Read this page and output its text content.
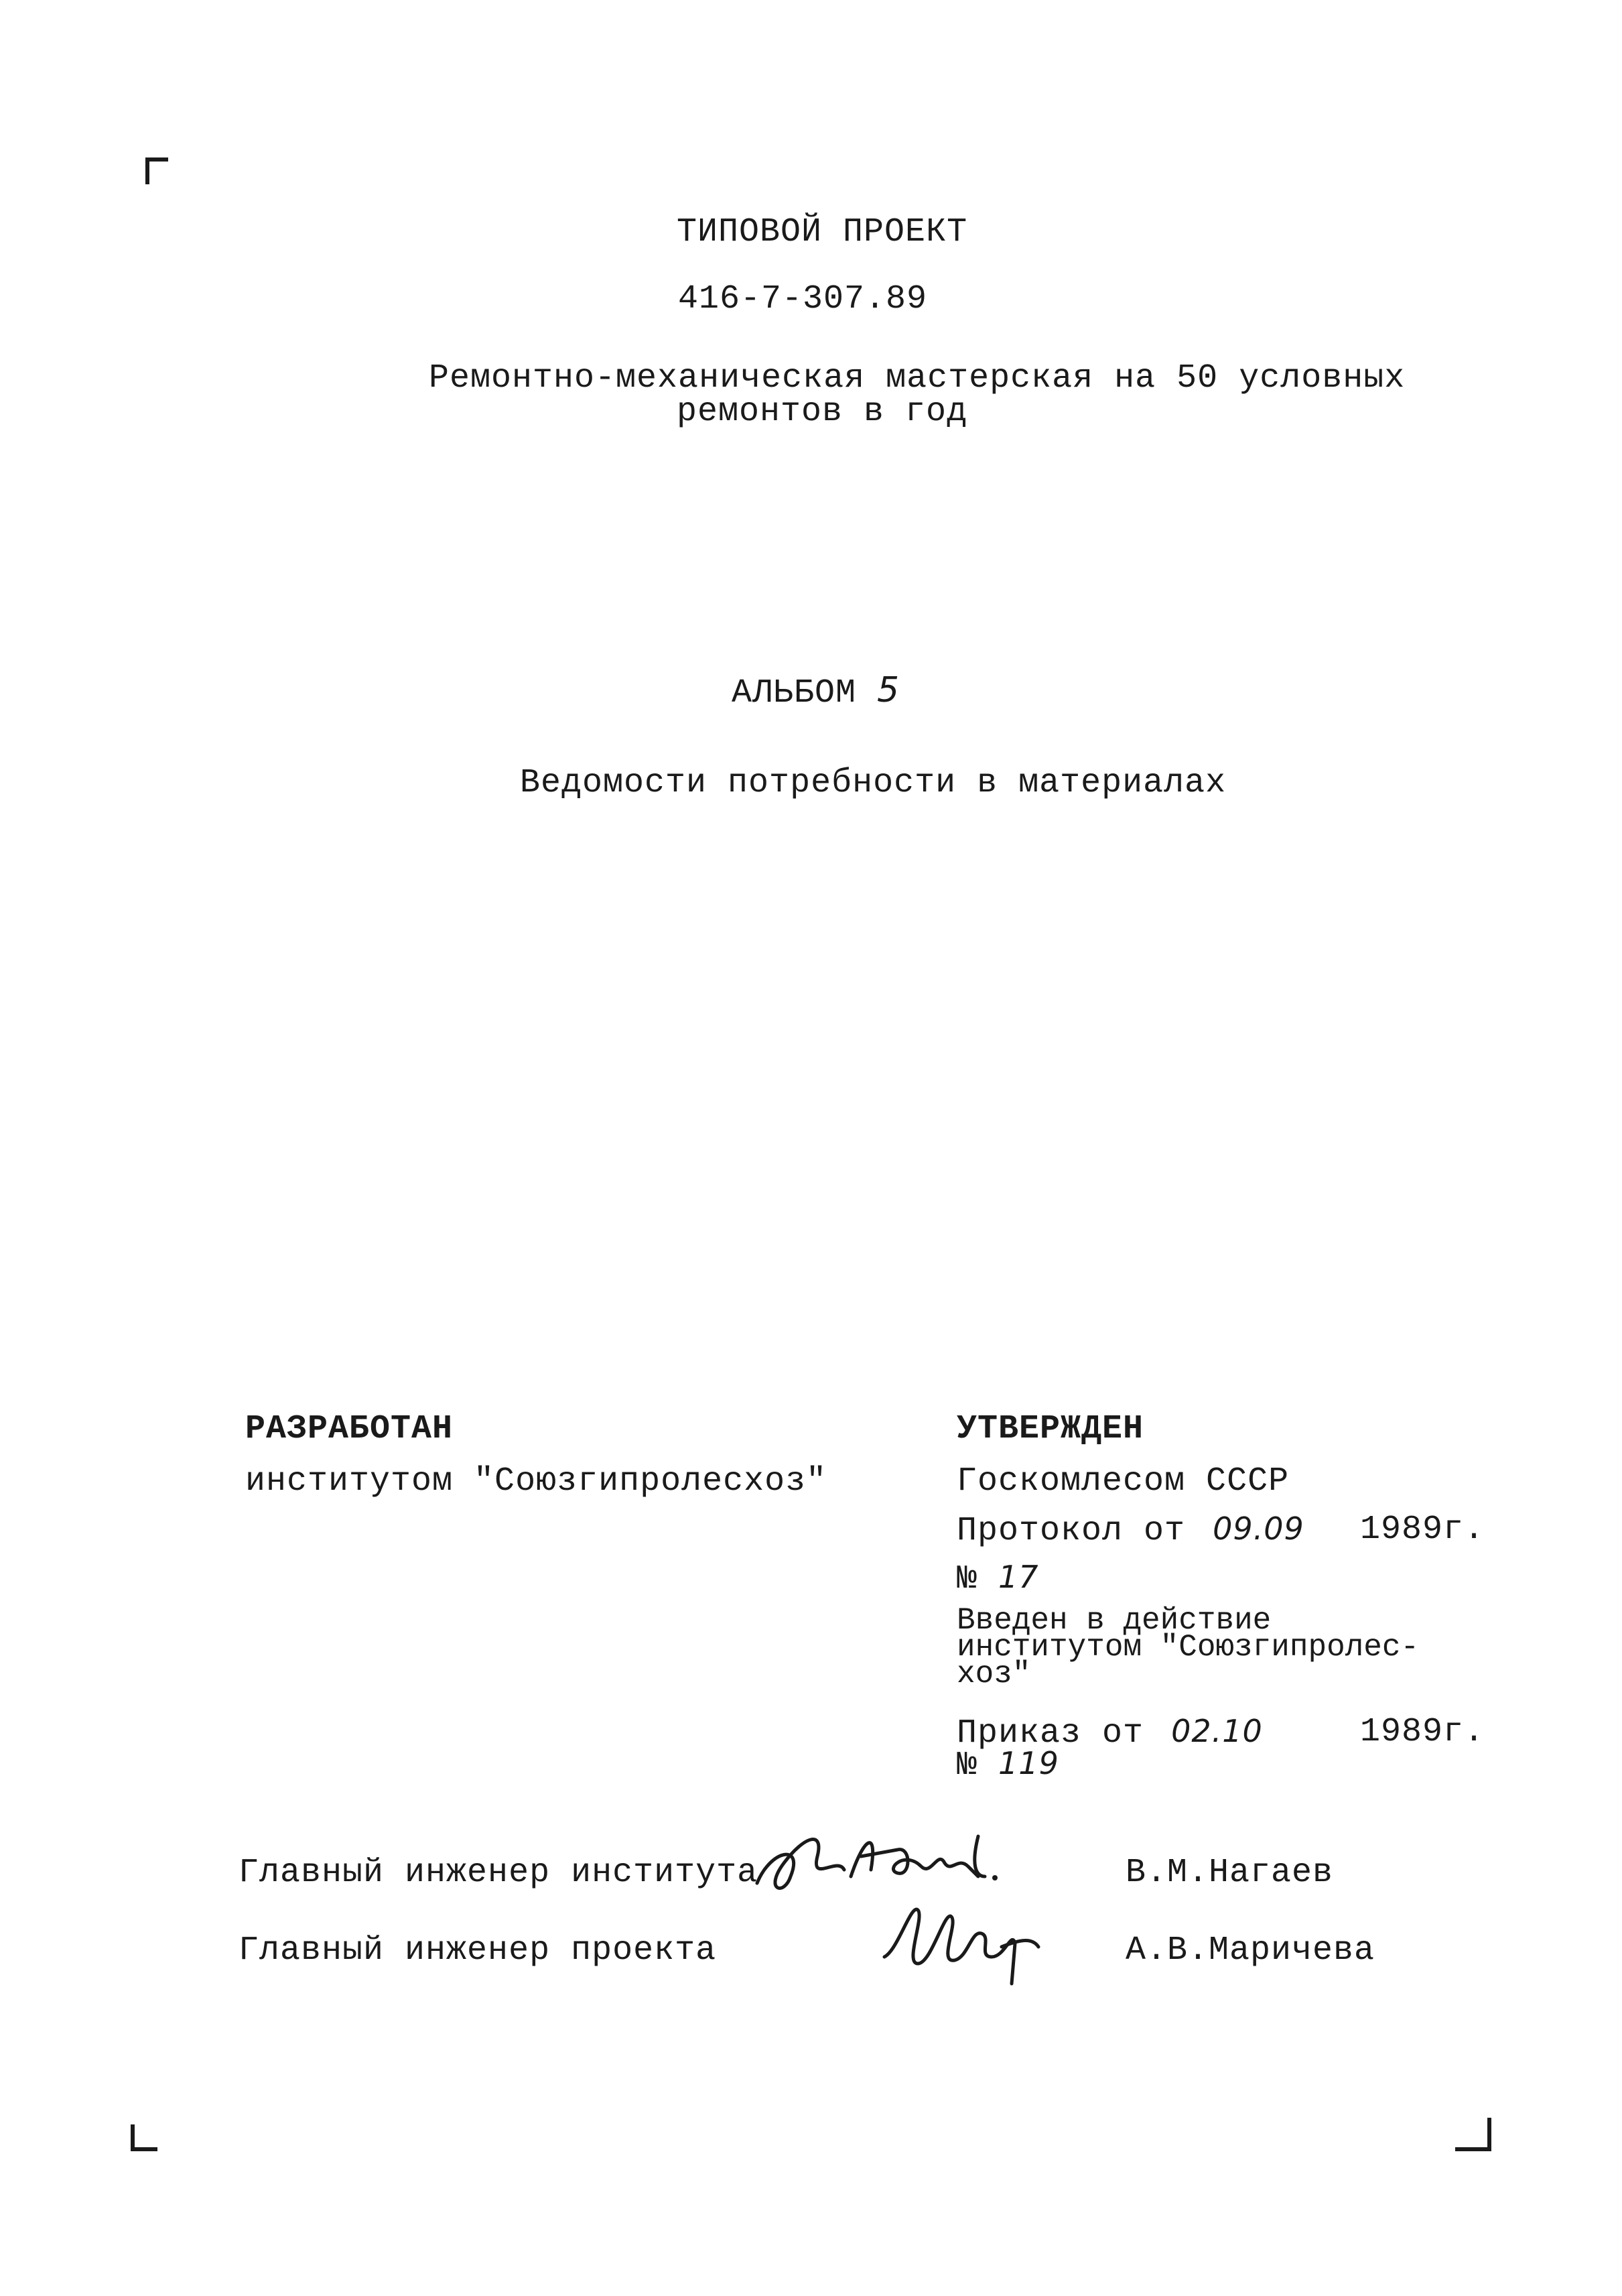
ТИПОВОЙ ПРОЕКТ
416-7-307.89
Ремонтно-механическая мастерская на 50 условных
ремонтов в год
АЛЬБОМ 5
Ведомости потребности в материалах
РАЗРАБОТАН
институтом "Союзгипролесхоз"
УТВЕРЖДЕН
Госкомлесом СССР
Протокол от 09.09 1989г.
№ 17
Введен в действие
институтом "Союзгипролес-
хоз"
Приказ от 02.10	1989г.
№ 119
Главный инженер института	В.М.Нагаев
Главный инженер проекта	А.В.Маричева
